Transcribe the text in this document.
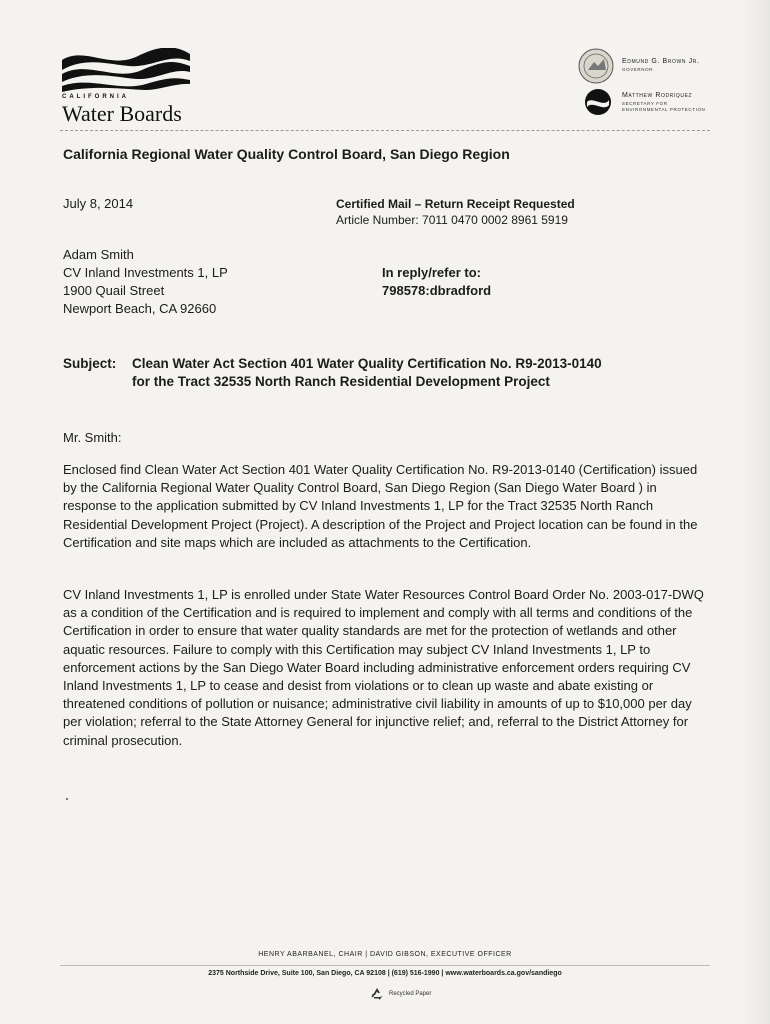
CALIFORNIA
Water Boards
Edmund G. Brown Jr.
GOVERNOR
Matthew Rodriquez
SECRETARY FOR
ENVIRONMENTAL PROTECTION
California Regional Water Quality Control Board, San Diego Region
July 8, 2014	Certified Mail – Return Receipt Requested
Article Number: 7011 0470 0002 8961 5919
Adam Smith
CV Inland Investments 1, LP
1900 Quail Street
Newport Beach, CA 92660
In reply/refer to:
798578:dbradford
Subject: Clean Water Act Section 401 Water Quality Certification No. R9-2013-0140
for the Tract 32535 North Ranch Residential Development Project
Mr. Smith:
Enclosed find Clean Water Act Section 401 Water Quality Certification No. R9-2013-0140 (Certification) issued by the California Regional Water Quality Control Board, San Diego Region (San Diego Water Board ) in response to the application submitted by CV Inland Investments 1, LP for the Tract 32535 North Ranch Residential Development Project (Project). A description of the Project and Project location can be found in the Certification and site maps which are included as attachments to the Certification.
CV Inland Investments 1, LP is enrolled under State Water Resources Control Board Order No. 2003-017-DWQ as a condition of the Certification and is required to implement and comply with all terms and conditions of the Certification in order to ensure that water quality standards are met for the protection of wetlands and other aquatic resources. Failure to comply with this Certification may subject CV Inland Investments 1, LP to enforcement actions by the San Diego Water Board including administrative enforcement orders requiring CV Inland Investments 1, LP to cease and desist from violations or to clean up waste and abate existing or threatened conditions of pollution or nuisance; administrative civil liability in amounts of up to $10,000 per day per violation; referral to the State Attorney General for injunctive relief; and, referral to the District Attorney for criminal prosecution.
HENRY ABARBANEL, CHAIR | DAVID GIBSON, EXECUTIVE OFFICER
2375 Northside Drive, Suite 100, San Diego, CA 92108 | (619) 516-1990 | www.waterboards.ca.gov/sandiego
Recycled Paper
